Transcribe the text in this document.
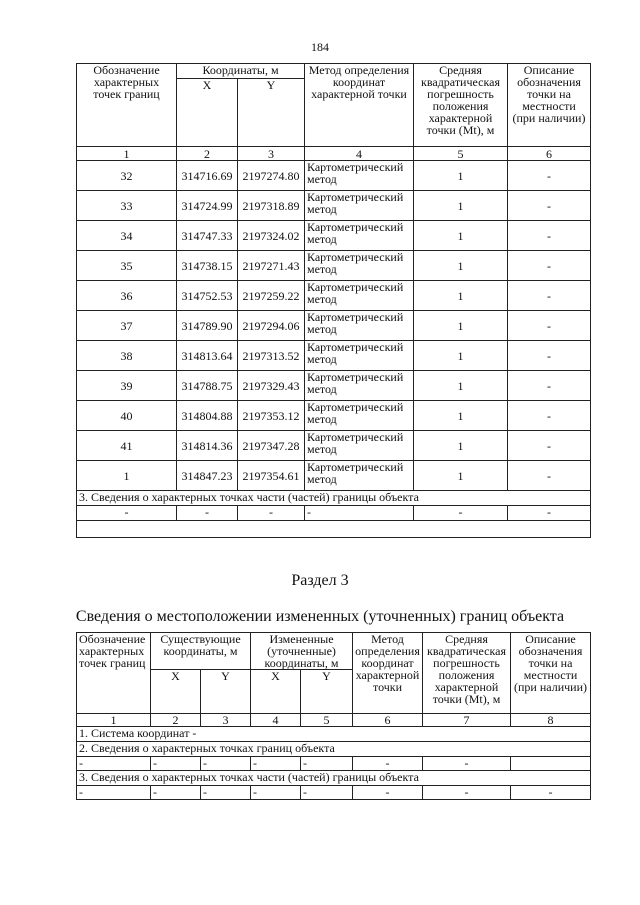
184
Обозначение характерных точек границ	Координаты, м		Метод определения координат характерной точки	Средняя квадратическая погрешность положения характерной точки (Mt), м	Описание обозначения точки на местности (при наличии)
	X	Y			
1	2	3	4	5	6
32	314716.69	2197274.80	Картометрический метод	1	-
33	314724.99	2197318.89	Картометрический метод	1	-
34	314747.33	2197324.02	Картометрический метод	1	-
35	314738.15	2197271.43	Картометрический метод	1	-
36	314752.53	2197259.22	Картометрический метод	1	-
37	314789.90	2197294.06	Картометрический метод	1	-
38	314813.64	2197313.52	Картометрический метод	1	-
39	314788.75	2197329.43	Картометрический метод	1	-
40	314804.88	2197353.12	Картометрический метод	1	-
41	314814.36	2197347.28	Картометрический метод	1	-
1	314847.23	2197354.61	Картометрический метод	1	-
3. Сведения о характерных точках части (частей) границы объекта					
-	-	-	-	-	-

Раздел 3
Сведения о местоположении измененных (уточненных) границ объекта
Обозначение характерных точек границ	Существующие координаты, м		Измененные (уточненные) координаты, м		Метод определения координат характерной точки	Средняя квадратическая погрешность положения характерной точки (Mt), м	Описание обозначения точки на местности (при наличии)
	X	Y	X	Y			
1	2	3	4	5	6	7	8
1. Система координат -							
2. Сведения о характерных точках границ объекта							
-	-	-	-	-	-	-	
3. Сведения о характерных точках части (частей) границы объекта							
-	-	-	-	-	-	-	-
